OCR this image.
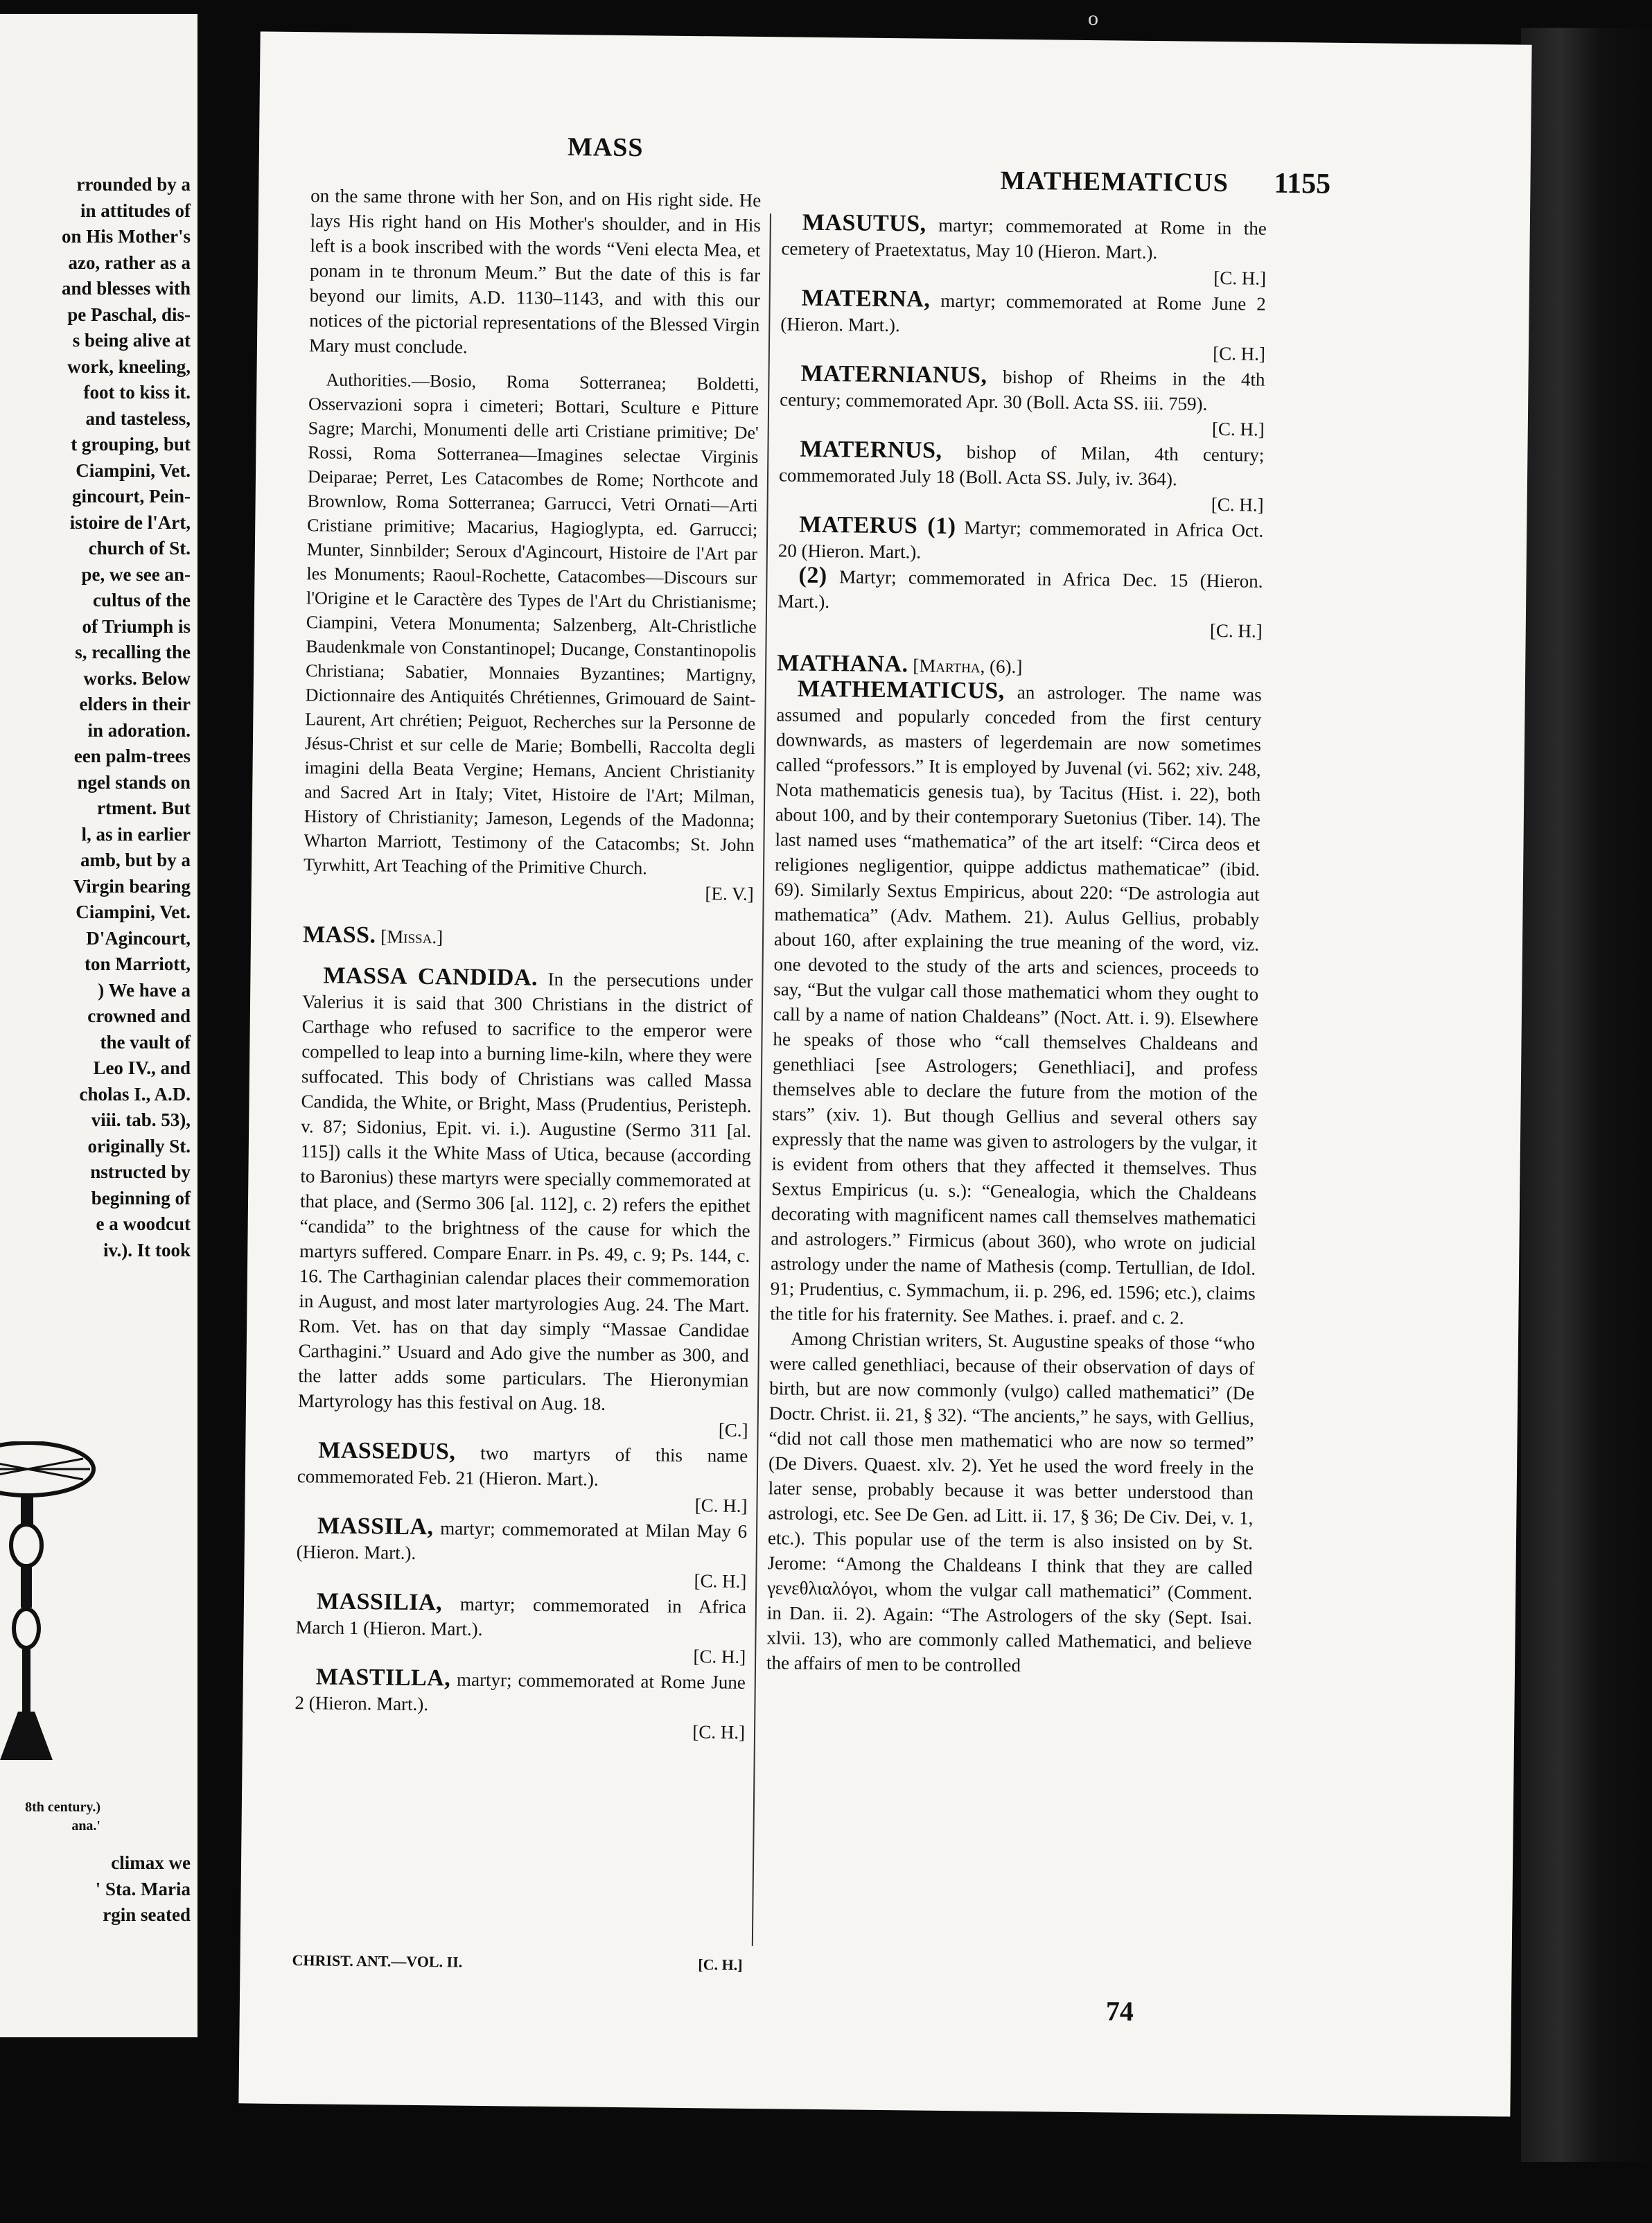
rrounded by a
in attitudes of
on His Mother's
azo, rather as a
and blesses with
pe Paschal, dis-
s being alive at
work, kneeling,
foot to kiss it.
and tasteless,
t grouping, but
Ciampini, Vet.
gincourt, Pein-
istoire de l'Art,
church of St.
pe, we see an-
cultus of the
of Triumph is
s, recalling the
works. Below
elders in their
in adoration.
een palm-trees
ngel stands on
rtment. But
l, as in earlier
amb, but by a
Virgin bearing
Ciampini, Vet.
D'Agincourt,
ton Marriott,
) We have a
crowned and
the vault of
Leo IV., and
cholas I., A.D.
viii. tab. 53),
originally St.
nstructed by
beginning of
e a woodcut
iv.). It took
8th century.)
ana.'
climax we
' Sta. Maria
rgin seated
o
MASS
MATHEMATICUS 1155

on the same throne with her Son, and on His right side. He lays His right hand on His Mother's shoulder, and in His left is a book inscribed with the words “Veni electa Mea, et ponam in te thronum Meum.” But the date of this is far beyond our limits, A.D. 1130–1143, and with this our notices of the pictorial representations of the Blessed Virgin Mary must conclude.

Authorities.—Bosio, Roma Sotterranea; Boldetti, Osservazioni sopra i cimeteri; Bottari, Sculture e Pitture Sagre; Marchi, Monumenti delle arti Cristiane primitive; De' Rossi, Roma Sotterranea—Imagines selectae Virginis Deiparae; Perret, Les Catacombes de Rome; Northcote and Brownlow, Roma Sotterranea; Garrucci, Vetri Ornati—Arti Cristiane primitive; Macarius, Hagioglypta, ed. Garrucci; Munter, Sinnbilder; Seroux d'Agincourt, Histoire de l'Art par les Monuments; Raoul-Rochette, Catacombes—Discours sur l'Origine et le Caractère des Types de l'Art du Christianisme; Ciampini, Vetera Monumenta; Salzenberg, Alt-Christliche Baudenkmale von Constantinopel; Ducange, Constantinopolis Christiana; Sabatier, Monnaies Byzantines; Martigny, Dictionnaire des Antiquités Chrétiennes, Grimouard de Saint-Laurent, Art chrétien; Peiguot, Recherches sur la Personne de Jésus-Christ et sur celle de Marie; Bombelli, Raccolta degli imagini della Beata Vergine; Hemans, Ancient Christianity and Sacred Art in Italy; Vitet, Histoire de l'Art; Milman, History of Christianity; Jameson, Legends of the Madonna; Wharton Marriott, Testimony of the Catacombs; St. John Tyrwhitt, Art Teaching of the Primitive Church.

[E. V.]

MASS. [Missa.]

MASSA CANDIDA. In the persecutions under Valerius it is said that 300 Christians in the district of Carthage who refused to sacrifice to the emperor were compelled to leap into a burning lime-kiln, where they were suffocated. This body of Christians was called Massa Candida, the White, or Bright, Mass (Prudentius, Peristeph. v. 87; Sidonius, Epit. vi. i.). Augustine (Sermo 311 [al. 115]) calls it the White Mass of Utica, because (according to Baronius) these martyrs were specially commemorated at that place, and (Sermo 306 [al. 112], c. 2) refers the epithet “candida” to the brightness of the cause for which the martyrs suffered. Compare Enarr. in Ps. 49, c. 9; Ps. 144, c. 16. The Carthaginian calendar places their commemoration in August, and most later martyrologies Aug. 24. The Mart. Rom. Vet. has on that day simply “Massae Candidae Carthagini.” Usuard and Ado give the number as 300, and the latter adds some particulars. The Hieronymian Martyrology has this festival on Aug. 18.

[C.]

MASSEDUS, two martyrs of this name commemorated Feb. 21 (Hieron. Mart.).

[C. H.]

MASSILA, martyr; commemorated at Milan May 6 (Hieron. Mart.).

[C. H.]

MASSILIA, martyr; commemorated in Africa March 1 (Hieron. Mart.).

[C. H.]

MASTILLA, martyr; commemorated at Rome June 2 (Hieron. Mart.).

[C. H.]

CHRIST. ANT.—VOL. II.	[C. H.]

MASUTUS, martyr; commemorated at Rome in the cemetery of Praetextatus, May 10 (Hieron. Mart.).

[C. H.]

MATERNA, martyr; commemorated at Rome June 2 (Hieron. Mart.).

[C. H.]

MATERNIANUS, bishop of Rheims in the 4th century; commemorated Apr. 30 (Boll. Acta SS. iii. 759).

[C. H.]

MATERNUS, bishop of Milan, 4th century; commemorated July 18 (Boll. Acta SS. July, iv. 364).

[C. H.]

MATERUS (1) Martyr; commemorated in Africa Oct. 20 (Hieron. Mart.).

(2) Martyr; commemorated in Africa Dec. 15 (Hieron. Mart.).

[C. H.]

MATHANA. [Martha, (6).]

MATHEMATICUS, an astrologer. The name was assumed and popularly conceded from the first century downwards, as masters of legerdemain are now sometimes called “professors.” It is employed by Juvenal (vi. 562; xiv. 248, Nota mathematicis genesis tua), by Tacitus (Hist. i. 22), both about 100, and by their contemporary Suetonius (Tiber. 14). The last named uses “mathematica” of the art itself: “Circa deos et religiones negligentior, quippe addictus mathematicae” (ibid. 69). Similarly Sextus Empiricus, about 220: “De astrologia aut mathematica” (Adv. Mathem. 21). Aulus Gellius, probably about 160, after explaining the true meaning of the word, viz. one devoted to the study of the arts and sciences, proceeds to say, “But the vulgar call those mathematici whom they ought to call by a name of nation Chaldeans” (Noct. Att. i. 9). Elsewhere he speaks of those who “call themselves Chaldeans and genethliaci [see Astrologers; Genethliaci], and profess themselves able to declare the future from the motion of the stars” (xiv. 1). But though Gellius and several others say expressly that the name was given to astrologers by the vulgar, it is evident from others that they affected it themselves. Thus Sextus Empiricus (u. s.): “Genealogia, which the Chaldeans decorating with magnificent names call themselves mathematici and astrologers.” Firmicus (about 360), who wrote on judicial astrology under the name of Mathesis (comp. Tertullian, de Idol. 91; Prudentius, c. Symmachum, ii. p. 296, ed. 1596; etc.), claims the title for his fraternity. See Mathes. i. praef. and c. 2.

Among Christian writers, St. Augustine speaks of those “who were called genethliaci, because of their observation of days of birth, but are now commonly (vulgo) called mathematici” (De Doctr. Christ. ii. 21, § 32). “The ancients,” he says, with Gellius, “did not call those men mathematici who are now so termed” (De Divers. Quaest. xlv. 2). Yet he used the word freely in the later sense, probably because it was better understood than astrologi, etc. See De Gen. ad Litt. ii. 17, § 36; De Civ. Dei, v. 1, etc.). This popular use of the term is also insisted on by St. Jerome: “Among the Chaldeans I think that they are called γενεθλιαλόγοι, whom the vulgar call mathematici” (Comment. in Dan. ii. 2). Again: “The Astrologers of the sky (Sept. Isai. xlvii. 13), who are commonly called Mathematici, and believe the affairs of men to be controlled

74
